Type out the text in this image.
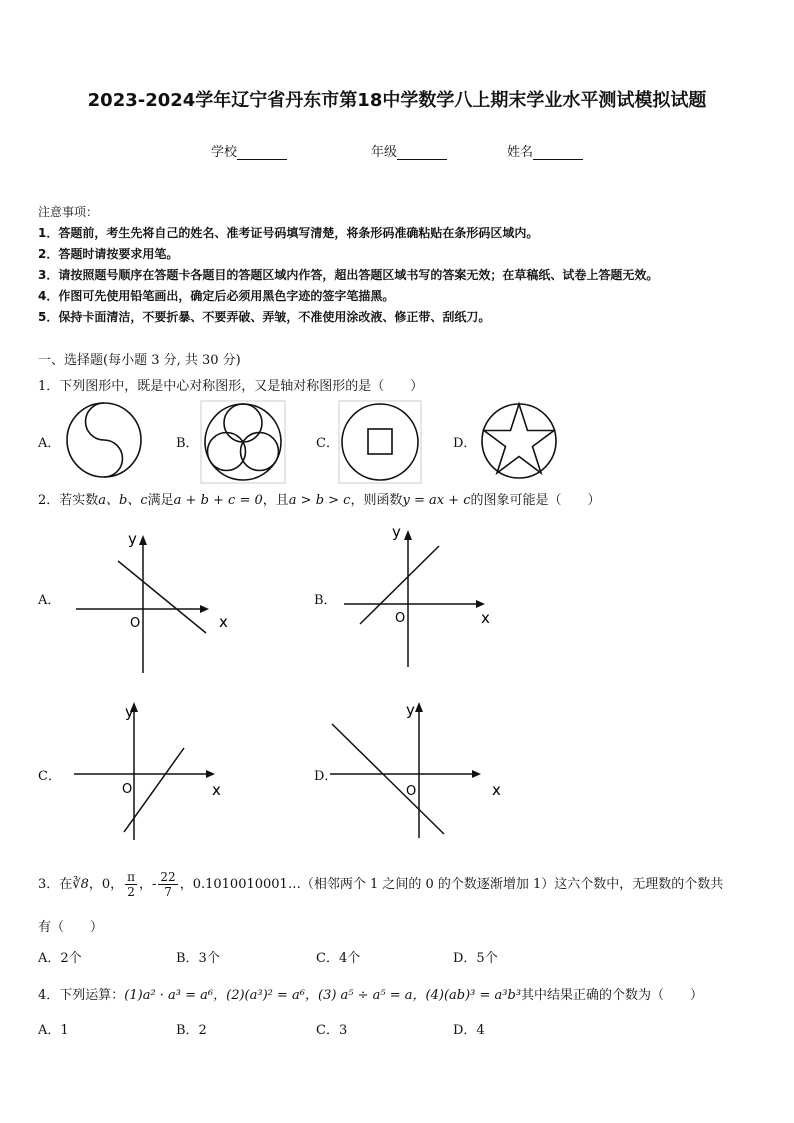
2023-2024学年辽宁省丹东市第18中学数学八上期末学业水平测试模拟试题
学校	年级	姓名
注意事项：
1．答题前，考生先将自己的姓名、准考证号码填写清楚，将条形码准确粘贴在条形码区域内。
2．答题时请按要求用笔。
3．请按照题号顺序在答题卡各题目的答题区域内作答，超出答题区域书写的答案无效；在草稿纸、试卷上答题无效。
4．作图可先使用铅笔画出，确定后必须用黑色字迹的签字笔描黑。
5．保持卡面清洁，不要折暴、不要弄破、弄皱，不准使用涂改液、修正带、刮纸刀。
一、选择题(每小题 3 分, 共 30 分)
1．下列图形中，既是中心对称图形，又是轴对称图形的是（　　）
A．	B．	C．	D．
2．若实数a、b、c满足a + b + c = 0，且a > b > c，则函数y = ax + c的图象可能是（　　）
A．	B．
C．	D．
x
y
O	x
y
O
x
y
O	x
y
O
3．在∛8，0， $\frac{\pi}{2}$ ，- $\frac{22}{7}$ ，0.1010010001…（相邻两个 1 之间的 0 的个数逐渐增加 1）这六个数中，无理数的个数共
有（　　）
A．2个	B．3个	C．4个	D．5个
4．下列运算：(1)a² · a³ = a⁶，(2)(a³)² = a⁶，(3) a⁵ ÷ a⁵ = a，(4)(ab)³ = a³b³其中结果正确的个数为（　　）
A．1	B．2	C．3	D．4
